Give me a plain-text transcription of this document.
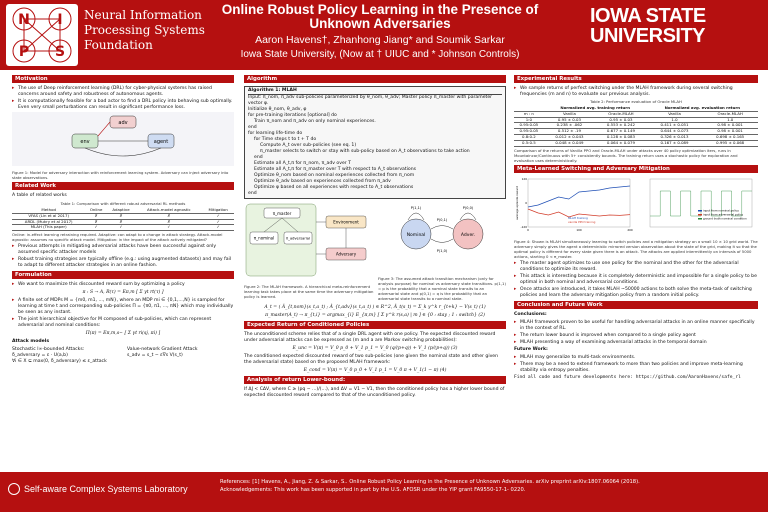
N I
P S
Neural Information
Processing Systems
Foundation
Online Robust Policy Learning in the Presence of Unknown Adversaries
Aaron Havens†, Zhanhong Jiang* and Soumik Sarkar
Iowa State University, (Now at † UIUC and * Johnson Controls)
IOWA STATE
UNIVERSITY
Motivation
▸ The use of Deep reinforcement learning (DRL) for cyber-physical systems has raised concerns around safety and robustness of autonomous agents.
▸ It is computationally feasible for a bad actor to find a DRL policy into behaving sub optimally. Even very small perturbations can result in significant performance loss.
env	agent
adv
Figure 1: Model for adversary interaction with reinforcement learning system. Adversary can inject adversary into state observations.
Related Work
A table of related works
Table 1: Comparison with different robust adversarial RL methods
Method	Online	Adaptive	Attack-model agnostic	Mitigation
VFAS (Lin et al 2017)	✗	✗	✗	✓
ARDL (Mukry et al 2017)	✗	✗	✗	✓
MLAH (This paper)	✓	✓	✓	✓
Online: in-effect learning retraining required. Adaptive: can adapt to a change in attack strategy. Attack-model agnostic: assumes no specific attack model. Mitigation: in the impact of the attack actively mitigated?
▸ Previous attempts in mitigating adversarial attacks have been successful against only assumed specific attacker models
▸ Robust training strategies are typically offline (e.g.: using augmented datasets) and may fail to adapt to different attacker strategies in an online fashion.
Formulation
▸ We want to maximize this discounted reward sum by optimizing a policy
π : S → A, R(τ) = Eπ,m [ Σ γt rt(τ) ]
▸ A finite set of MDPs M = {m0, m1, ..., mN}, where an MDP mi ∈ {0,1,...,N} is sampled for learning at time t and corresponding sub-policies Π = {π0, π1, ..., πN} which may individually be seen as any instant.
▸ The joint hierarchical objective for M composed of sub-policies, which can represent adversarial and nominal conditions:
Π(π) = Eπ,m,s∼ [ Σ γt ri(sj, πi) ]
Attack models
Stochastic l∞-bounded Attacks:
δ_adversary = ε · U(a,b)
∀i ∈ X ⊆ max(0, δ_adversary) ≤ ε_attack
Value-network Gradient Attack
s_adv = s_t − ε∇s V(s_t)
Algorithm
Algorithm 1: MLAH
Input: π_nom, π_adv sub-policies parameterized by θ_nom, θ_adv; Master policy π_master with parameter vector φ.
Initialize θ_nom, θ_adv, φ
for pre-training iterations [optional] do
Train π_nom and π_adv on only nominal experiences.
end
for learning life-time do
for Time steps t to t + T do
Compute A_t over sub-policies (see eq. 1)
π_master selects to switch or stay with sub-policy based on A_t observations to take action
end
Estimate all A_t,π for π_nom, π_adv over T
Estimate all A_t,π for π_master over T with respect to A_t observations
Optimize θ_nom based on nominal experiences collected from π_nom
Optimize θ_adv based on experiences collected from π_adv
Optimize φ based on all experiences with respect to A_t observations
end
π_master
π_nominal	π_adversarial
Environment
Adversary
Figure 2: The MLAH framework. A hierarchical meta-reinforcement learning task takes place at the same time the adversary mitigation policy is learned.
Nominal	Adver.
P(1,1)	P(0,0)
P(0,1)
P(1,0)
Figure 3: The assumed attack transition mechanism (only for analysis purpose) for nominal vs adversary state transitions. p(1,1) = p is the probability that a nominal state transits to an adversarial state and p(0,1) = q is the probability that an adversarial state transits to a nominal state.
A_t = ( Â_{t,nom}(s_t,a_t) ; Â_{t,adv}(s_t,a_t) ) ∈ R^2, Â_t(s_t) = Σ_k γ^k r_{t+k} − V(s_t) (1)
π_master(A_t) → π_{t,i} = argmax_{i} E_{π,m} [ Σ γ^k r(s,a) | m ] ∈ {0 : stay ; 1 : switch} (2)
Expected Return of Conditioned Policies
The unconditioned scheme relies that of a single DRL agent with one policy. The expected discounted reward under adversarial attacks can be expressed as (m and a are Markov switching probabilities):
E_unc = V(π) = V_0 p_0 + V_1 p_1 = V_0 (q/(p+q)) + V_1 (p/(p+q)) (3)
The conditioned expected discounted reward of two sub-policies (one given the nominal state and other given the adversarial state) based on the proposed MLAH framework:
E_cond = V(π) = V_0 p_0 + V_1 p_1 = V_0 π + V_1(1 − π) (4)
Analysis of return Lower-bound:
If ΔJ < CΔV, where C ≥ (pq − ...)/(...), and ΔV = V1 − V1, then the conditioned policy has a higher lower bound of expected discounted reward compared to that of the unconditioned policy.
Experimental Results
▸ We sample returns of perfect switching under the MLAH framework during several switching frequencies (m and n) to evaluate our previous analysis.
Table 2: Performance evaluation of Oracle MLAH
	Normalized avg. training return		Normalized avg. evaluation return	
m : n	Vanilla	Oracle-MLAH	Vanilla	Oracle-MLAH
1:0	0.95 ± 0.03	0.95 ± 0.03	1.0	1.0
0.95:0.05	0.238 ± .062	0.553 ± 0.242	0.411 ± 0.051	0.98 ± 0.001
0.95:0.05	0.512 ± .19	0.677 ± 0.149	0.644 ± 0.073	0.98 ± 0.001
0.8:0.2	0.012 ± 0.043	0.128 ± 0.083	0.326 ± 0.013	0.698 ± 0.165
0.5:0.5	0.048 ± 0.049	0.064 ± 0.079	0.167 ± 0.089	0.995 ± 0.068
Comparison of the returns of Vanilla PPO and Oracle-MLAH under attacks over 40 policy optimization iters, runs in Mountaincar/Continuous with 5+ consistently bounds. The training return uses a stochastic policy for exploration and evaluation uses deterministically.
Meta-Learned Switching and Adversary Mitigation
average episode reward
-120
0
120
0	100	200
MLAH training
vanilla PPO training
input from nominal policy
input from adversarial policy
ground truth nominal condition
Figure 4: Shown is MLAH simultaneously learning to switch policies and a mitigation strategy on a small 10 × 10 grid world. The adversary simply gives the agent a deterministic mirrored version observation about the state of the grid, making it so that the optimal policy is different for every state given there is an attack. The attacks are applied intermittently on intervals of 5000 actions, starting 0 < π_master.
▸ The master agent optimizes to use one policy for the nominal and the other for the adversarial conditions to optimize its reward.
▸ This attack is interesting because it is completely deterministic and impossible for a single policy to be optimal in both nominal and adversarial conditions.
▸ Once attacks are introduced, it takes MLAH ~50000 actions to both solve the meta-task of switching policies and learn the adversary mitigation policy from a random initial policy.
Conclusion and Future Work
Conclusions:
▸ MLAH framework proven to be useful for handling adversarial attacks in an online manner specifically in the context of RL.
▸ The return lower bound is improved when compared to a single policy agent
▸ MLAH presenting a way of examining adversarial attacks in the temporal domain
Future Work:
▸ MLAH may generalize to multi-task environments.
▸ There may be a need to extend framework to more than two policies and improve meta-learning stability via entropy penalties.
Find all code and future developments here: https://github.com/AaronHavens/safe_rl
Self-aware Complex Systems Laboratory
References: [1] Havens, A., Jiang, Z. & Sarkar, S.. Online Robust Policy Learning in the Presence of Unknown Adversaries. arXiv preprint arXiv:1807.06064 (2018).
Acknowledgements: This work has been supported in part by the U.S. AFOSR under the YIP grant FA9550-17-1- 0220.
